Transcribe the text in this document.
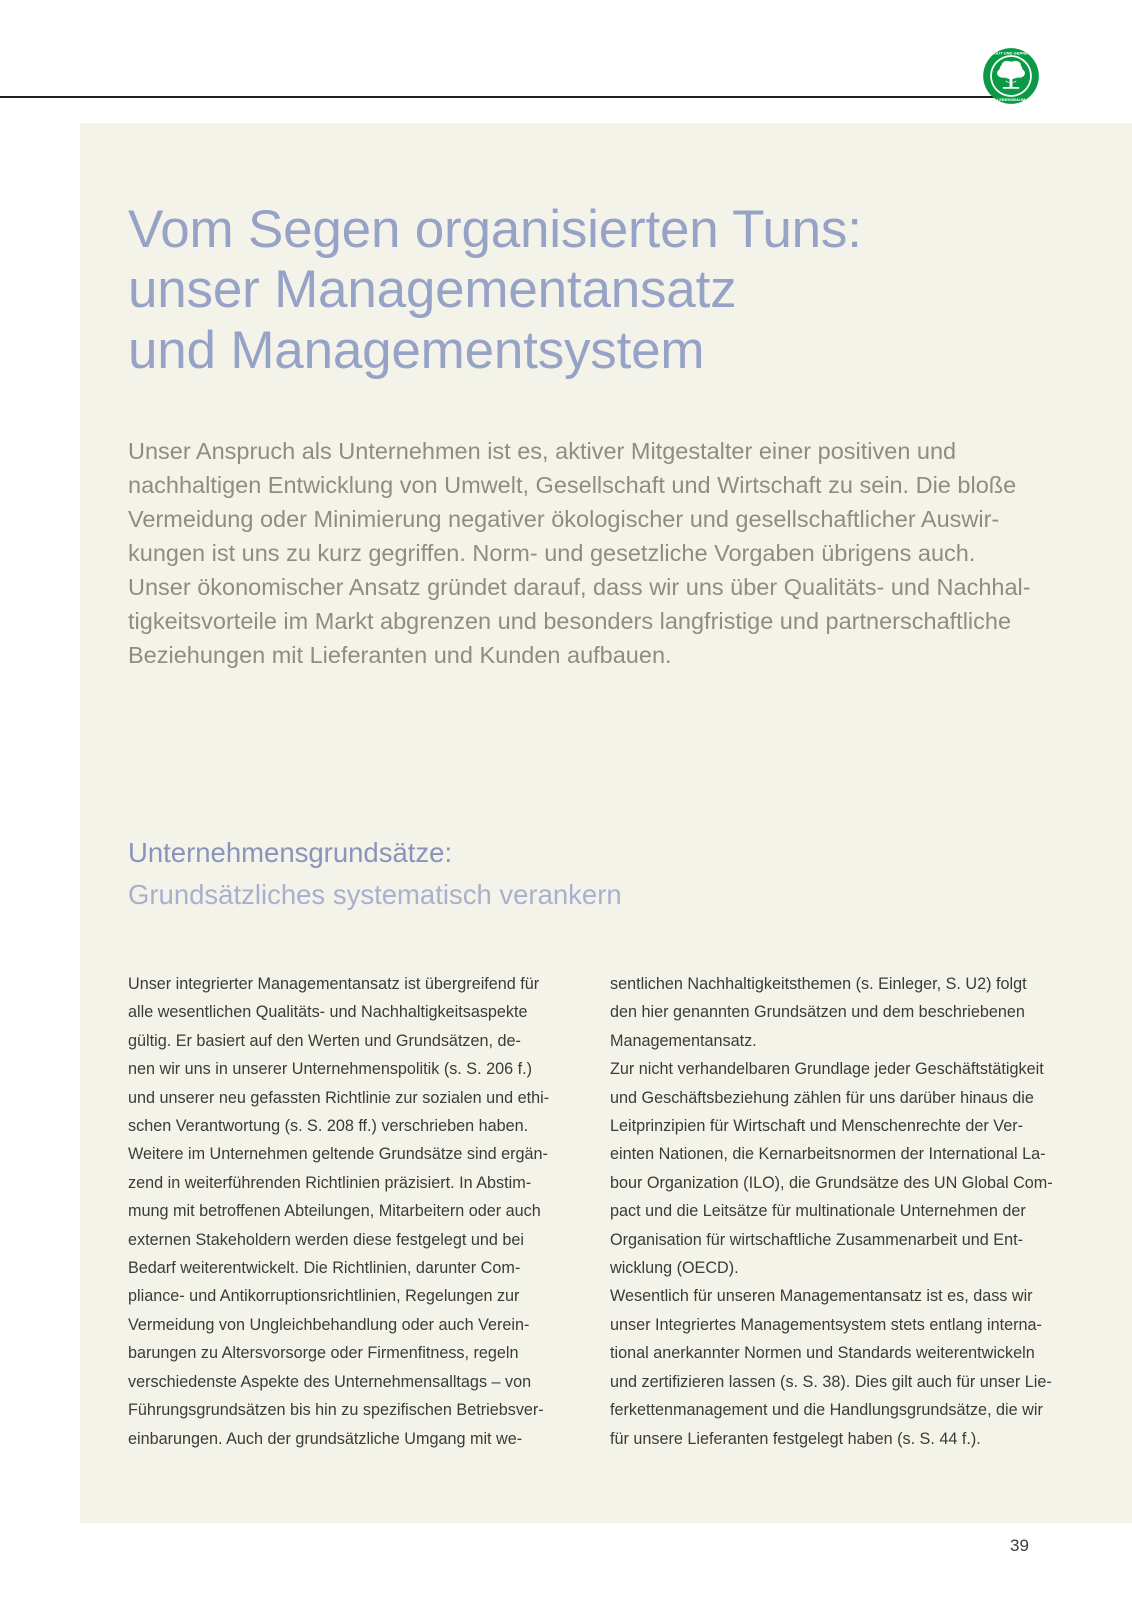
GUT UND GERNE
LEBENSBAUM
Vom Segen organisierten Tuns:
unser Managementansatz
und Managementsystem

Unser Anspruch als Unternehmen ist es, aktiver Mitgestalter einer positiven und
nachhaltigen Entwicklung von Umwelt, Gesellschaft und Wirtschaft zu sein. Die bloße
Vermeidung oder Minimierung negativer ökologischer und gesellschaftlicher Auswir-
kungen ist uns zu kurz gegriffen. Norm- und gesetzliche Vorgaben übrigens auch.
Unser ökonomischer Ansatz gründet darauf, dass wir uns über Qualitäts- und Nachhal-
tigkeitsvorteile im Markt abgrenzen und besonders langfristige und partnerschaftliche
Beziehungen mit Lieferanten und Kunden aufbauen.

Unternehmensgrundsätze:
Grundsätzliches systematisch verankern

Unser integrierter Managementansatz ist übergreifend für
alle wesentlichen Qualitäts- und Nachhaltigkeitsaspekte
gültig. Er basiert auf den Werten und Grundsätzen, de-
nen wir uns in unserer Unternehmenspolitik (s. S. 206 f.)
und unserer neu gefassten Richtlinie zur sozialen und ethi-
schen Verantwortung (s. S. 208 ff.) verschrieben haben.
Weitere im Unternehmen geltende Grundsätze sind ergän-
zend in weiterführenden Richtlinien präzisiert. In Abstim-
mung mit betroffenen Abteilungen, Mitarbeitern oder auch
externen Stakeholdern werden diese festgelegt und bei
Bedarf weiterentwickelt. Die Richtlinien, darunter Com-
pliance- und Antikorruptionsrichtlinien, Regelungen zur
Vermeidung von Ungleichbehandlung oder auch Verein-
barungen zu Altersvorsorge oder Firmenfitness, regeln
verschiedenste Aspekte des Unternehmensalltags – von
Führungsgrundsätzen bis hin zu spezifischen Betriebsver-
einbarungen. Auch der grundsätzliche Umgang mit we-

sentlichen Nachhaltigkeitsthemen (s. Einleger, S. U2) folgt
den hier genannten Grundsätzen und dem beschriebenen
Managementansatz.
Zur nicht verhandelbaren Grundlage jeder Geschäftstätigkeit
und Geschäftsbeziehung zählen für uns darüber hinaus die
Leitprinzipien für Wirtschaft und Menschenrechte der Ver-
einten Nationen, die Kernarbeitsnormen der International La-
bour Organization (ILO), die Grundsätze des UN Global Com-
pact und die Leitsätze für multinationale Unternehmen der
Organisation für wirtschaftliche Zusammenarbeit und Ent-
wicklung (OECD).
Wesentlich für unseren Managementansatz ist es, dass wir
unser Integriertes Managementsystem stets entlang interna-
tional anerkannter Normen und Standards weiterentwickeln
und zertifizieren lassen (s. S. 38). Dies gilt auch für unser Lie-
ferkettenmanagement und die Handlungsgrundsätze, die wir
für unsere Lieferanten festgelegt haben (s. S. 44 f.).

39
